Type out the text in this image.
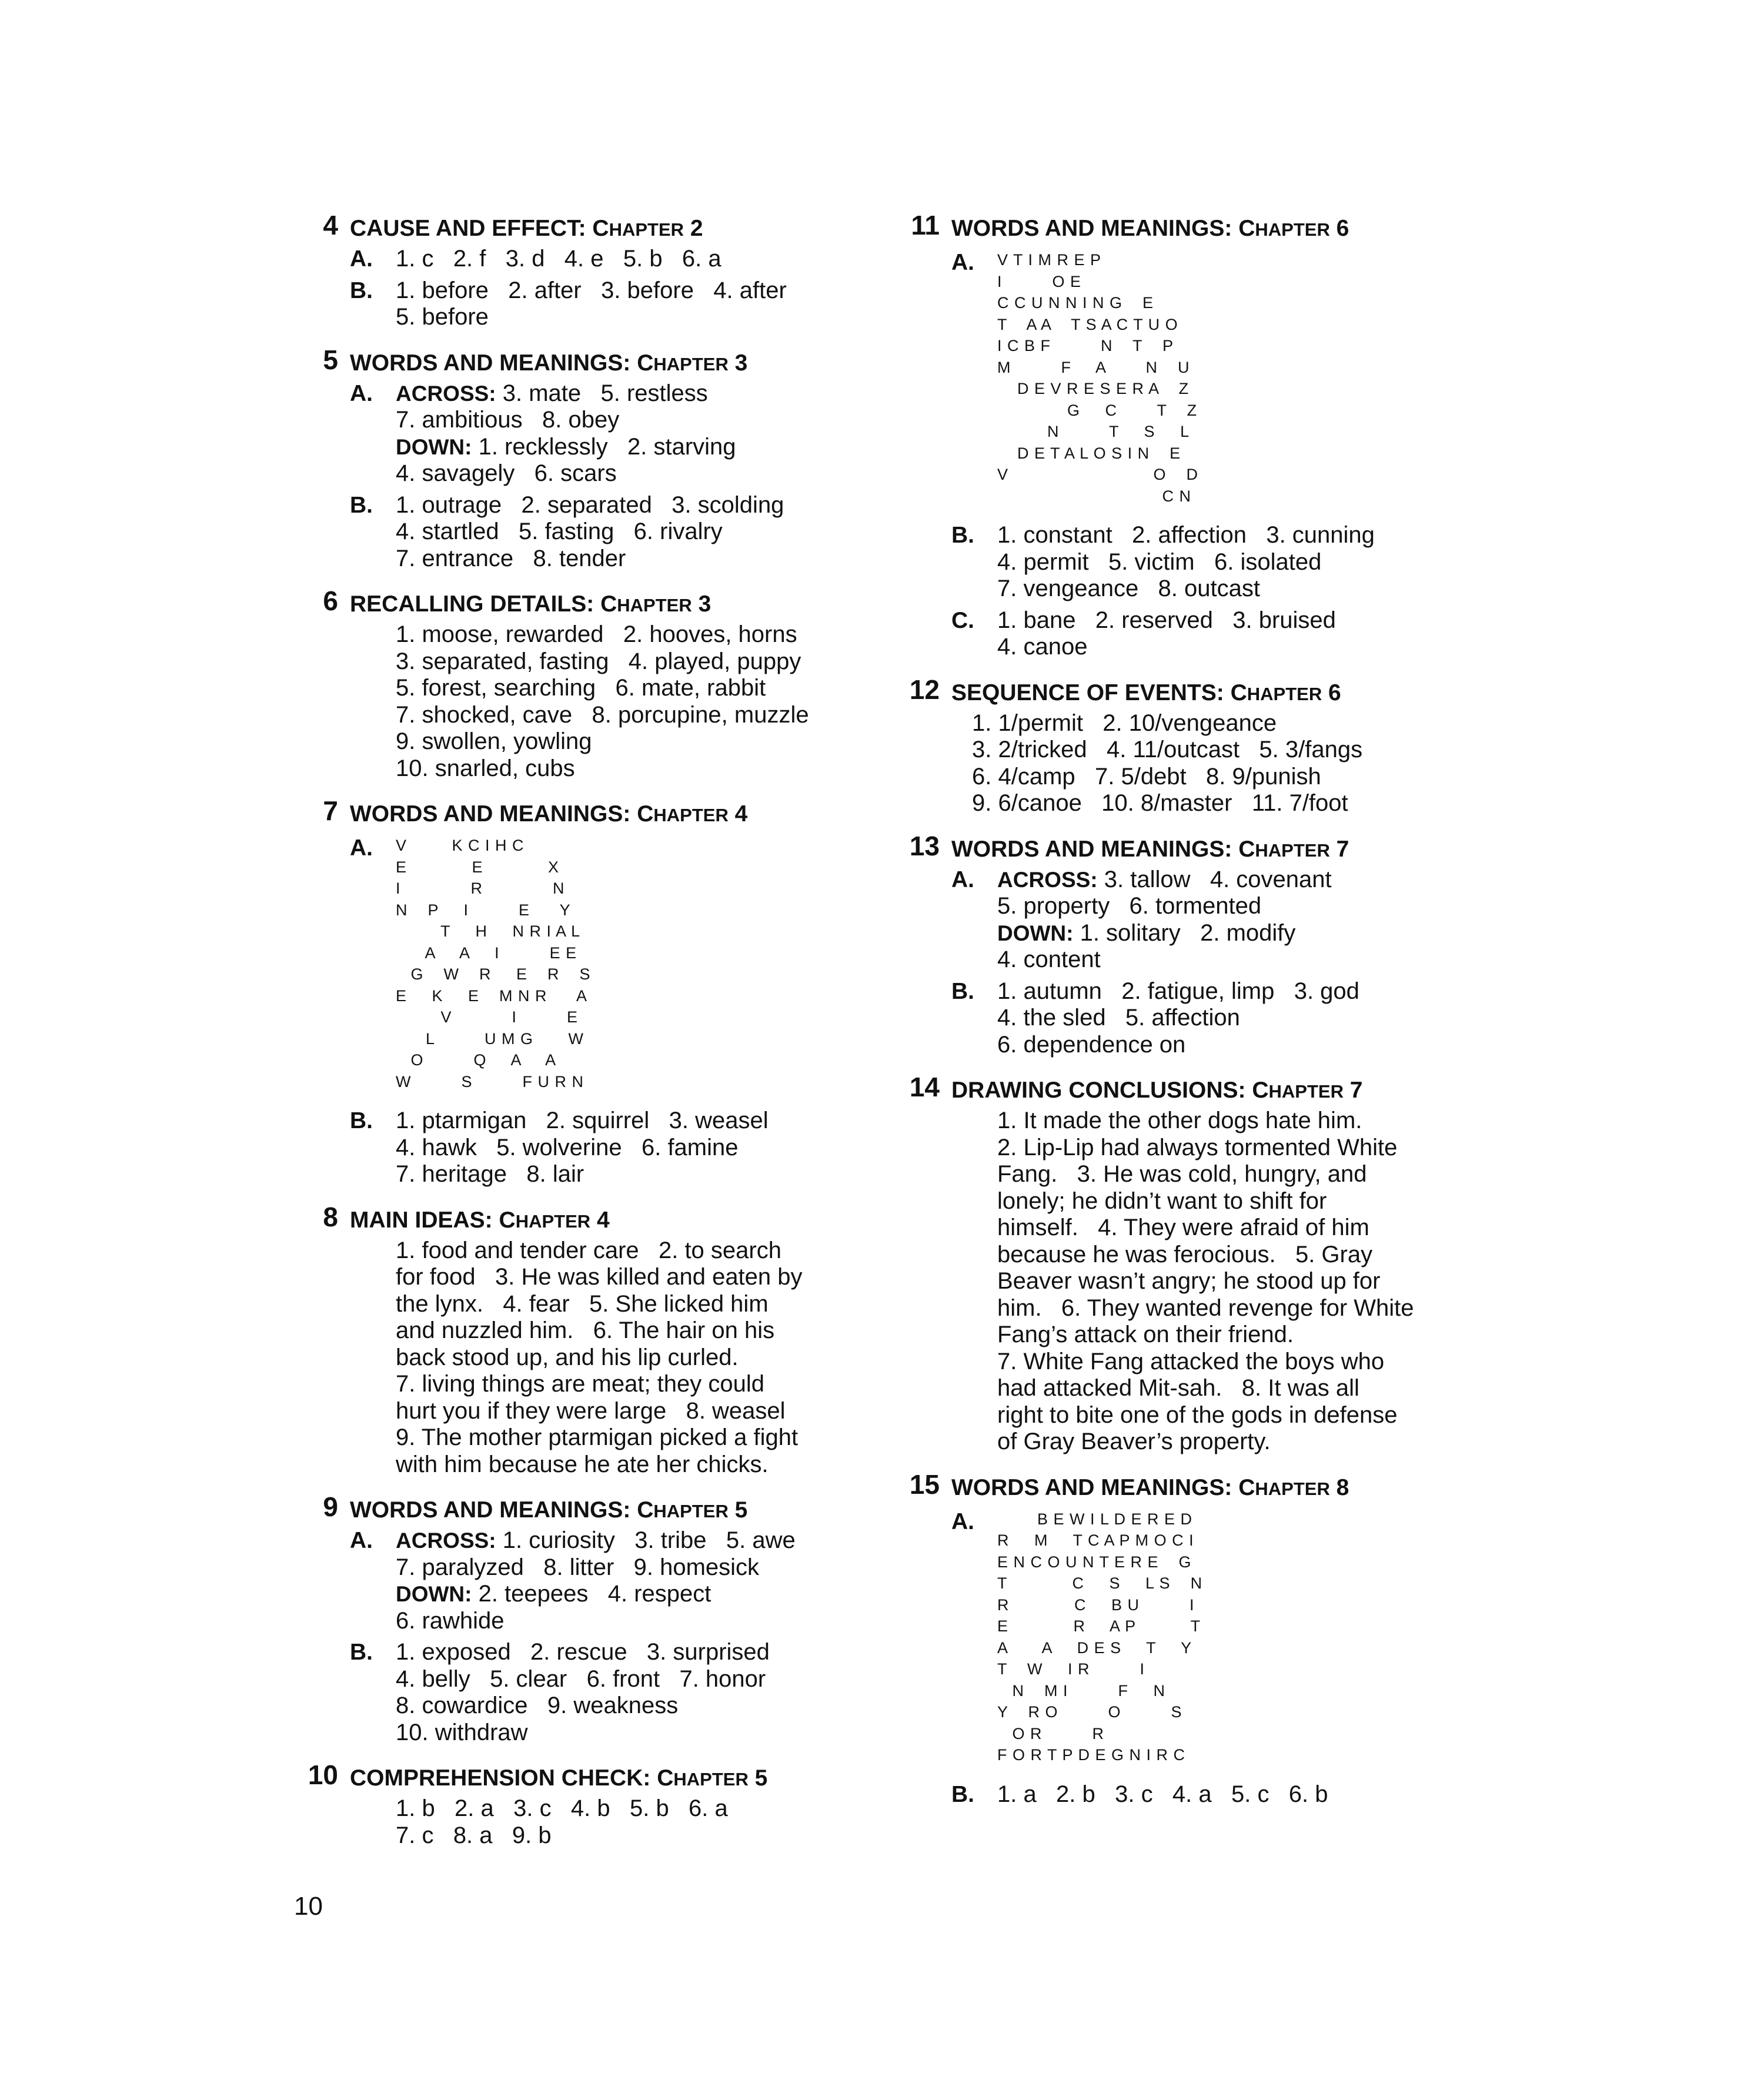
4 CAUSE AND EFFECT: CHAPTER 2
A. 1. c   2. f   3. d   4. e   5. b   6. a
B. 1. before   2. after   3. before   4. after
5. before
5 WORDS AND MEANINGS: CHAPTER 3
A. ACROSS: 3. mate   5. restless
7. ambitious   8. obey
DOWN: 1. recklessly   2. starving
4. savagely   6. scars
B. 1. outrage   2. separated   3. scolding
4. startled   5. fasting   6. rivalry
7. entrance   8. tender
6 RECALLING DETAILS: CHAPTER 3
1. moose, rewarded   2. hooves, horns
3. separated, fasting   4. played, puppy
5. forest, searching   6. mate, rabbit
7. shocked, cave   8. porcupine, muzzle
9. swollen, yowling
10. snarled, cubs
7 WORDS AND MEANINGS: CHAPTER 4
A. V         K C I H C
E             E             X
I              R              N
N    P     I          E      Y
T     H     N R I A L
A     A     I          E E
G    W    R     E    R    S
E     K     E    M N R      A
V            I          E
L          U M G       W
O          Q     A     A
W          S          F U R N
B. 1. ptarmigan   2. squirrel   3. weasel
4. hawk   5. wolverine   6. famine
7. heritage   8. lair
8 MAIN IDEAS: CHAPTER 4
1. food and tender care   2. to search
for food   3. He was killed and eaten by
the lynx.   4. fear   5. She licked him
and nuzzled him.   6. The hair on his
back stood up, and his lip curled.
7. living things are meat; they could
hurt you if they were large   8. weasel
9. The mother ptarmigan picked a fight
with him because he ate her chicks.
9 WORDS AND MEANINGS: CHAPTER 5
A. ACROSS: 1. curiosity   3. tribe   5. awe
7. paralyzed   8. litter   9. homesick
DOWN: 2. teepees   4. respect
6. rawhide
B. 1. exposed   2. rescue   3. surprised
4. belly   5. clear   6. front   7. honor
8. cowardice   9. weakness
10. withdraw
10 COMPREHENSION CHECK: CHAPTER 5
1. b   2. a   3. c   4. b   5. b   6. a
7. c   8. a   9. b
11 WORDS AND MEANINGS: CHAPTER 6
A. V T I M R E P
I          O E
C C U N N I N G    E
T    A A    T S A C T U O
I C B F          N    T    P
M          F     A        N    U
D E V R E S E R A    Z
G     C        T    Z
N          T     S     L
D E T A L O S I N    E
V                             O    D
C N
B. 1. constant   2. affection   3. cunning
4. permit   5. victim   6. isolated
7. vengeance   8. outcast
C. 1. bane   2. reserved   3. bruised
4. canoe
12 SEQUENCE OF EVENTS: CHAPTER 6
1. 1/permit   2. 10/vengeance
3. 2/tricked   4. 11/outcast   5. 3/fangs
6. 4/camp   7. 5/debt   8. 9/punish
9. 6/canoe   10. 8/master   11. 7/foot
13 WORDS AND MEANINGS: CHAPTER 7
A. ACROSS: 3. tallow   4. covenant
5. property   6. tormented
DOWN: 1. solitary   2. modify
4. content
B. 1. autumn   2. fatigue, limp   3. god
4. the sled   5. affection
6. dependence on
14 DRAWING CONCLUSIONS: CHAPTER 7
1. It made the other dogs hate him.
2. Lip-Lip had always tormented White
Fang.   3. He was cold, hungry, and
lonely; he didn’t want to shift for
himself.   4. They were afraid of him
because he was ferocious.   5. Gray
Beaver wasn’t angry; he stood up for
him.   6. They wanted revenge for White
Fang’s attack on their friend.
7. White Fang attacked the boys who
had attacked Mit-sah.   8. It was all
right to bite one of the gods in defense
of Gray Beaver’s property.
15 WORDS AND MEANINGS: CHAPTER 8
A.	B E W I L D E R E D
R     M     T C A P M O C I
E N C O U N T E R E    G
T             C     S     L S    N
R             C     B U          I
E             R     A P           T
A       A     D E S     T     Y
T    W     I R          I
N    M I          F     N
Y    R O          O          S
O R          R
F O R T P D E G N I R C
B. 1. a   2. b   3. c   4. a   5. c   6. b
10
